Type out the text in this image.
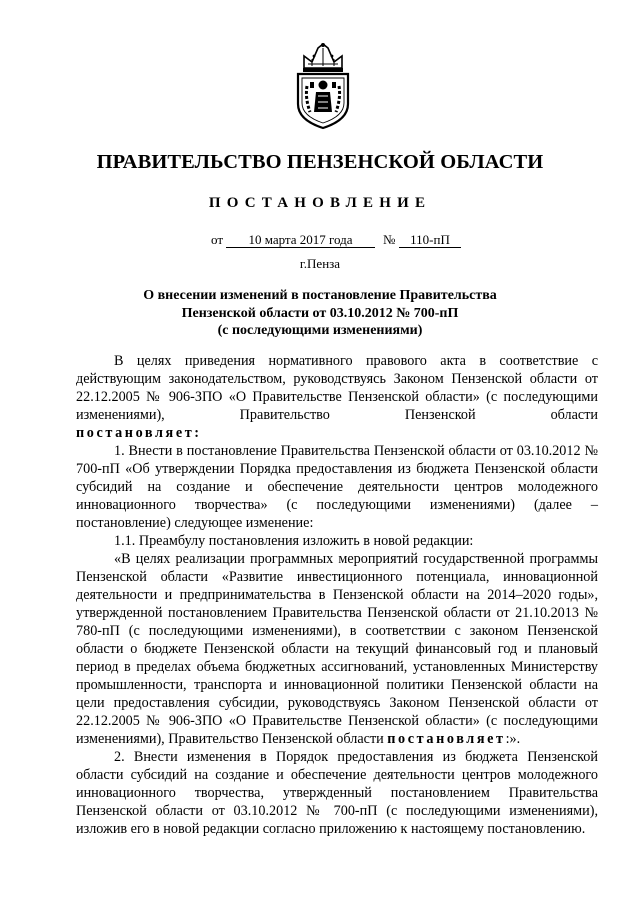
ПРАВИТЕЛЬСТВО ПЕНЗЕНСКОЙ ОБЛАСТИ
ПОСТАНОВЛЕНИЕ
от	10 марта 2017 года	№	110-пП
г.Пенза
О внесении изменений в постановление Правительства
Пензенской области от 03.10.2012 № 700-пП
(с последующими изменениями)

В целях приведения нормативного правового акта в соответствие с действующим законодательством, руководствуясь Законом Пензенской области от 22.12.2005 № 906-ЗПО «О Правительстве Пензенской области» (с последующими изменениями), Правительство Пензенской области

постановляет:

1. Внести в постановление Правительства Пензенской области от 03.10.2012 № 700-пП «Об утверждении Порядка предоставления из бюджета Пензенской области субсидий на создание и обеспечение деятельности центров молодежного инновационного творчества» (с последующими изменениями) (далее – постановление) следующее изменение:

1.1. Преамбулу постановления изложить в новой редакции:

«В целях реализации программных мероприятий государственной программы Пензенской области «Развитие инвестиционного потенциала, инновационной деятельности и предпринимательства в Пензенской области на 2014–2020 годы», утвержденной постановлением Правительства Пензенской области от 21.10.2013 № 780-пП (с последующими изменениями), в соответствии с законом Пензенской области о бюджете Пензенской области на текущий финансовый год и плановый период в пределах объема бюджетных ассигнований, установленных Министерству промышленности, транспорта и инновационной политики Пензенской области на цели предоставления субсидии, руководствуясь Законом Пензенской области от 22.12.2005 № 906-ЗПО «О Правительстве Пензенской области» (с последующими изменениями), Правительство Пензенской области постановляет:».

2. Внести изменения в Порядок предоставления из бюджета Пензенской области субсидий на создание и обеспечение деятельности центров молодежного инновационного творчества, утвержденный постановлением Правительства Пензенской области от 03.10.2012 № 700-пП (с последующими изменениями), изложив его в новой редакции согласно приложению к настоящему постановлению.
